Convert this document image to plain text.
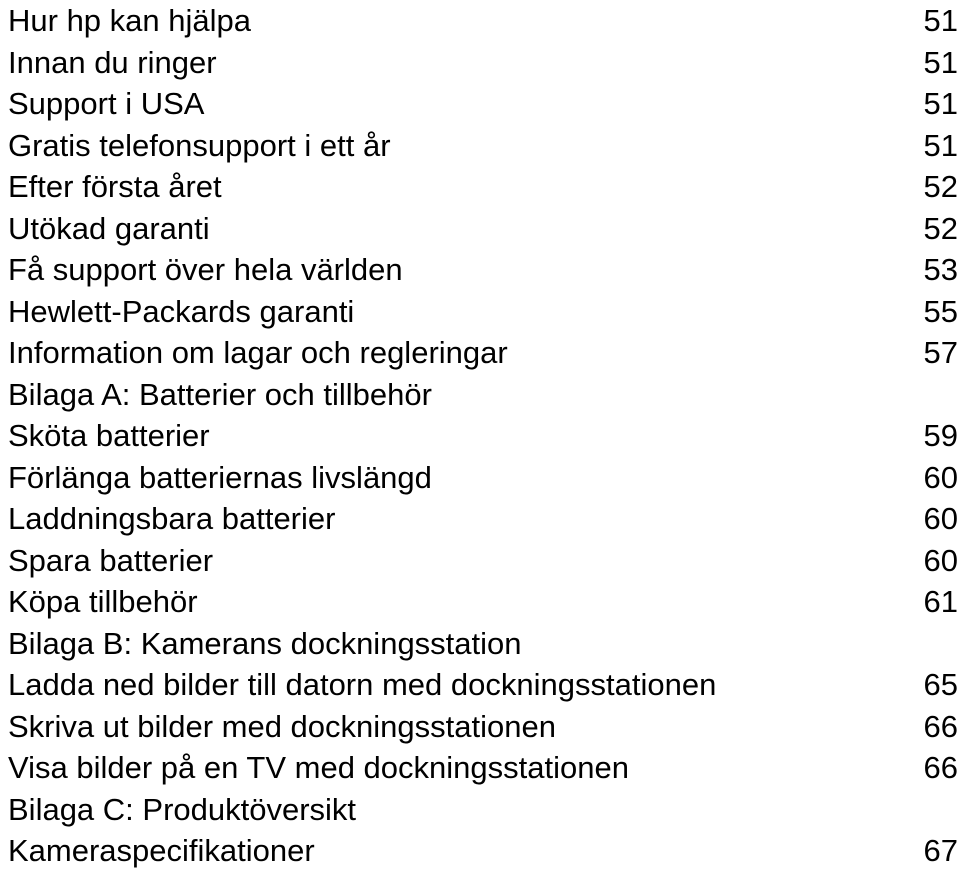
Hur hp kan hjälpa	51
Innan du ringer	51
Support i USA	51
Gratis telefonsupport i ett år	51
Efter första året	52
Utökad garanti	52
Få support över hela världen	53
Hewlett-Packards garanti	55
Information om lagar och regleringar	57
Bilaga A: Batterier och tillbehör
Sköta batterier	59
Förlänga batteriernas livslängd	60
Laddningsbara batterier	60
Spara batterier	60
Köpa tillbehör	61
Bilaga B: Kamerans dockningsstation
Ladda ned bilder till datorn med dockningsstationen	65
Skriva ut bilder med dockningsstationen	66
Visa bilder på en TV med dockningsstationen	66
Bilaga C: Produktöversikt
Kameraspecifikationer	67
